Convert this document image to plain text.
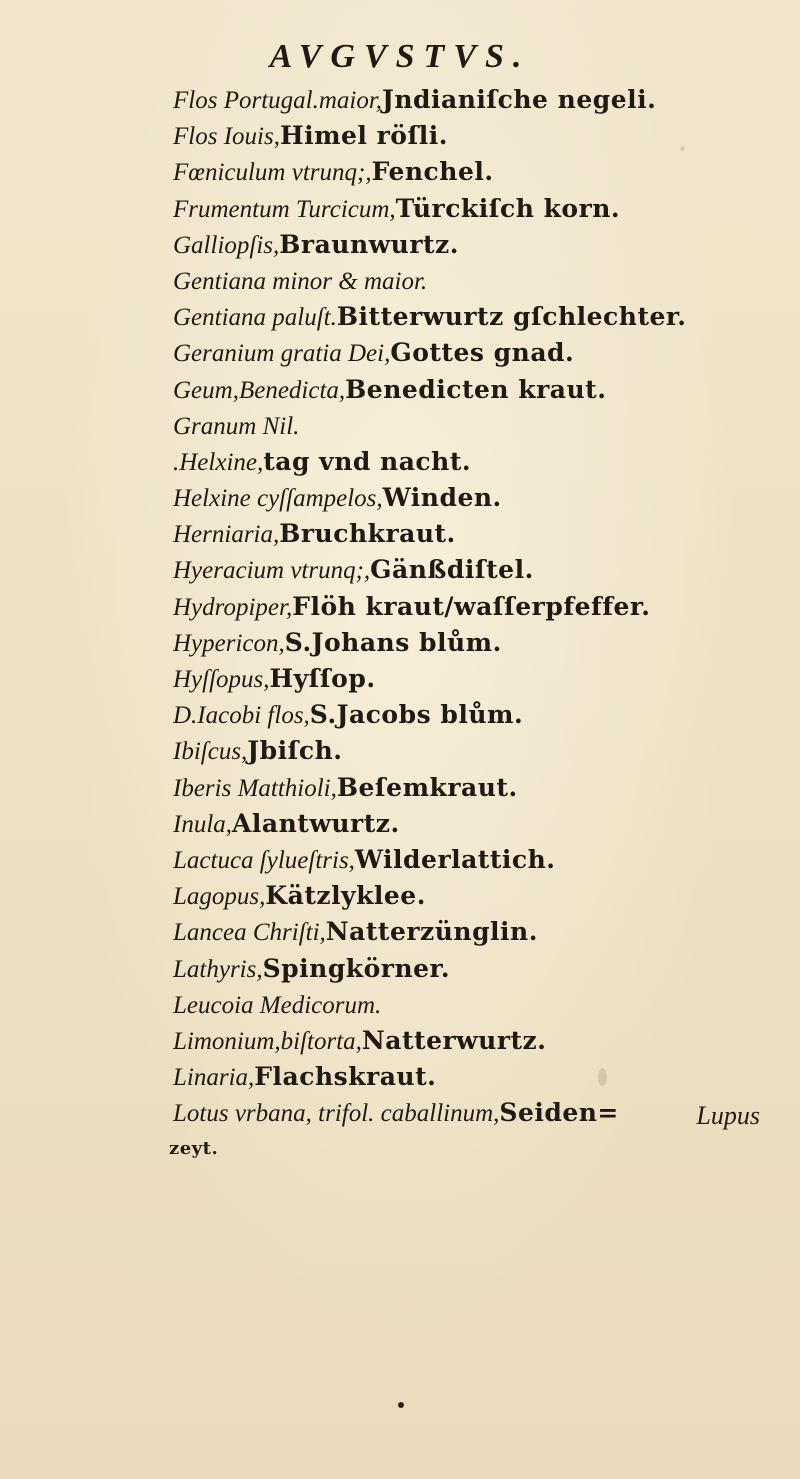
AVGVSTVS.
Flos Portugal.maior,Jndianiſche negeli.
Flos Iouis,Himel röſli.
Fœniculum vtrunq;,Fenchel.
Frumentum Turcicum,Türckiſch korn.
Galliopſis,Braunwurtz.
Gentiana minor & maior.
Gentiana paluſt.Bitterwurtz gſchlechter.
Geranium gratia Dei,Gottes gnad.
Geum,Benedicta,Benedicten kraut.
Granum Nil.
.Helxine,tag vnd nacht.
Helxine cyſſampelos,Winden.
Herniaria,Bruchkraut.
Hyeracium vtrunq;,Gänßdiſtel.
Hydropiper,Flöh kraut/waſſerpfeffer.
Hypericon,S.Johans blům.
Hyſſopus,Hyſſop.
D.Iacobi flos,S.Jacobs blům.
Ibiſcus,Jbiſch.
Iberis Matthioli,Beſemkraut.
Inula,Alantwurtz.
Lactuca ſylueſtris,Wilderlattich.
Lagopus,Kätzlyklee.
Lancea Chriſti,Natterzünglin.
Lathyris,Spingkörner.
Leucoia Medicorum.
Limonium,biſtorta,Natterwurtz.
Linaria,Flachskraut.
Lotus vrbana, trifol. caballinum,Seiden=
zeyt.
Lupus
